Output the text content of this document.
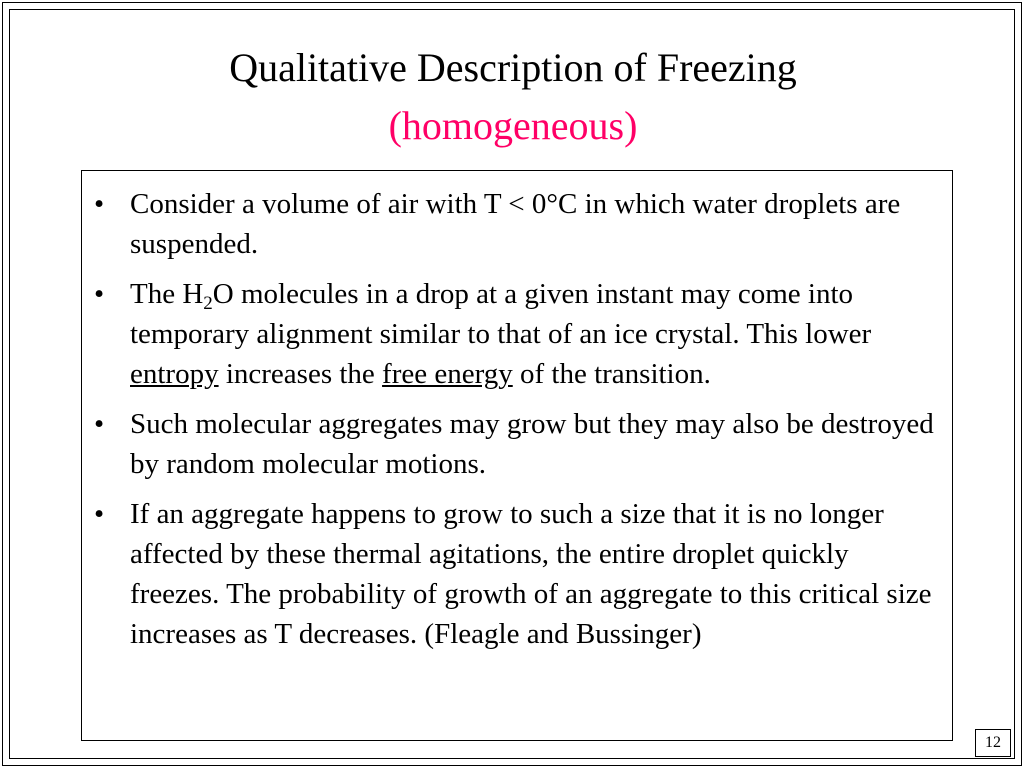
Qualitative Description of Freezing
(homogeneous)
• Consider a volume of air with T < 0°C in which water droplets are suspended.
• The $H_2O$ molecules in a drop at a given instant may come into temporary alignment similar to that of an ice crystal. This lower entropy increases the free energy of the transition.
• Such molecular aggregates may grow but they may also be destroyed by random molecular motions.
• If an aggregate happens to grow to such a size that it is no longer affected by these thermal agitations, the entire droplet quickly freezes. The probability of growth of an aggregate to this critical size increases as T decreases. (Fleagle and Bussinger)
12
